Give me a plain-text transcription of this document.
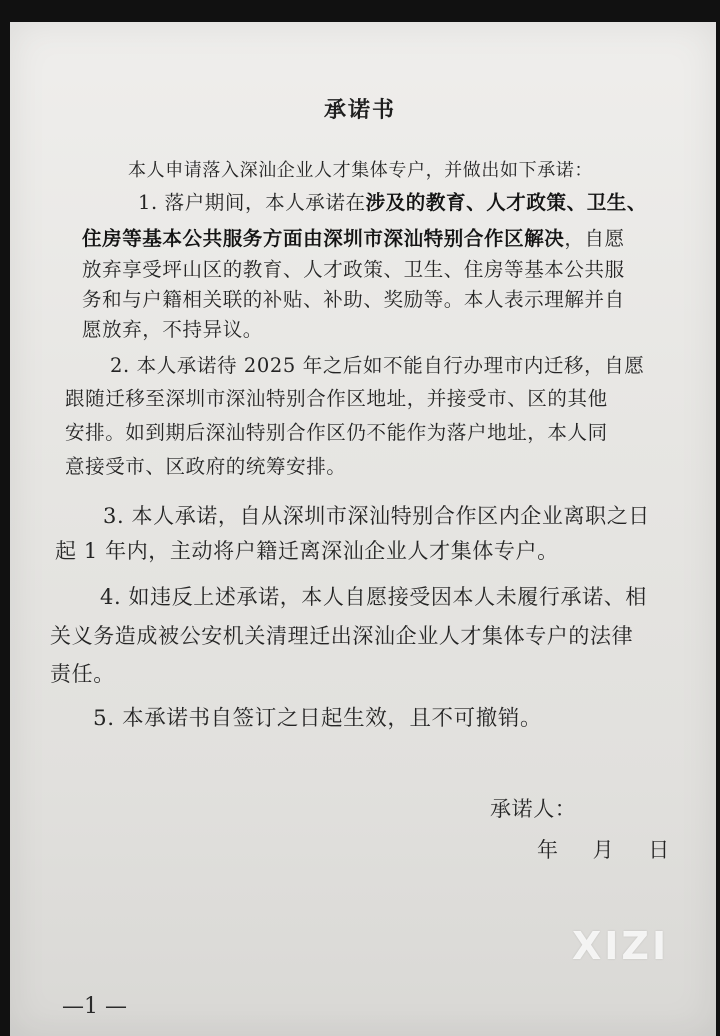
承诺书
本人申请落入深汕企业人才集体专户，并做出如下承诺：
1. 落户期间，本人承诺在涉及的教育、人才政策、卫生、
住房等基本公共服务方面由深圳市深汕特别合作区解决，自愿
放弃享受坪山区的教育、人才政策、卫生、住房等基本公共服
务和与户籍相关联的补贴、补助、奖励等。本人表示理解并自
愿放弃，不持异议。
2. 本人承诺待 2025 年之后如不能自行办理市内迁移，自愿
跟随迁移至深圳市深汕特别合作区地址，并接受市、区的其他
安排。如到期后深汕特别合作区仍不能作为落户地址，本人同
意接受市、区政府的统筹安排。
3. 本人承诺，自从深圳市深汕特别合作区内企业离职之日
起 1 年内，主动将户籍迁离深汕企业人才集体专户。
4. 如违反上述承诺，本人自愿接受因本人未履行承诺、相
关义务造成被公安机关清理迁出深汕企业人才集体专户的法律
责任。
5. 本承诺书自签订之日起生效，且不可撤销。
承诺人：
年 月 日
XIZI
—1 —
